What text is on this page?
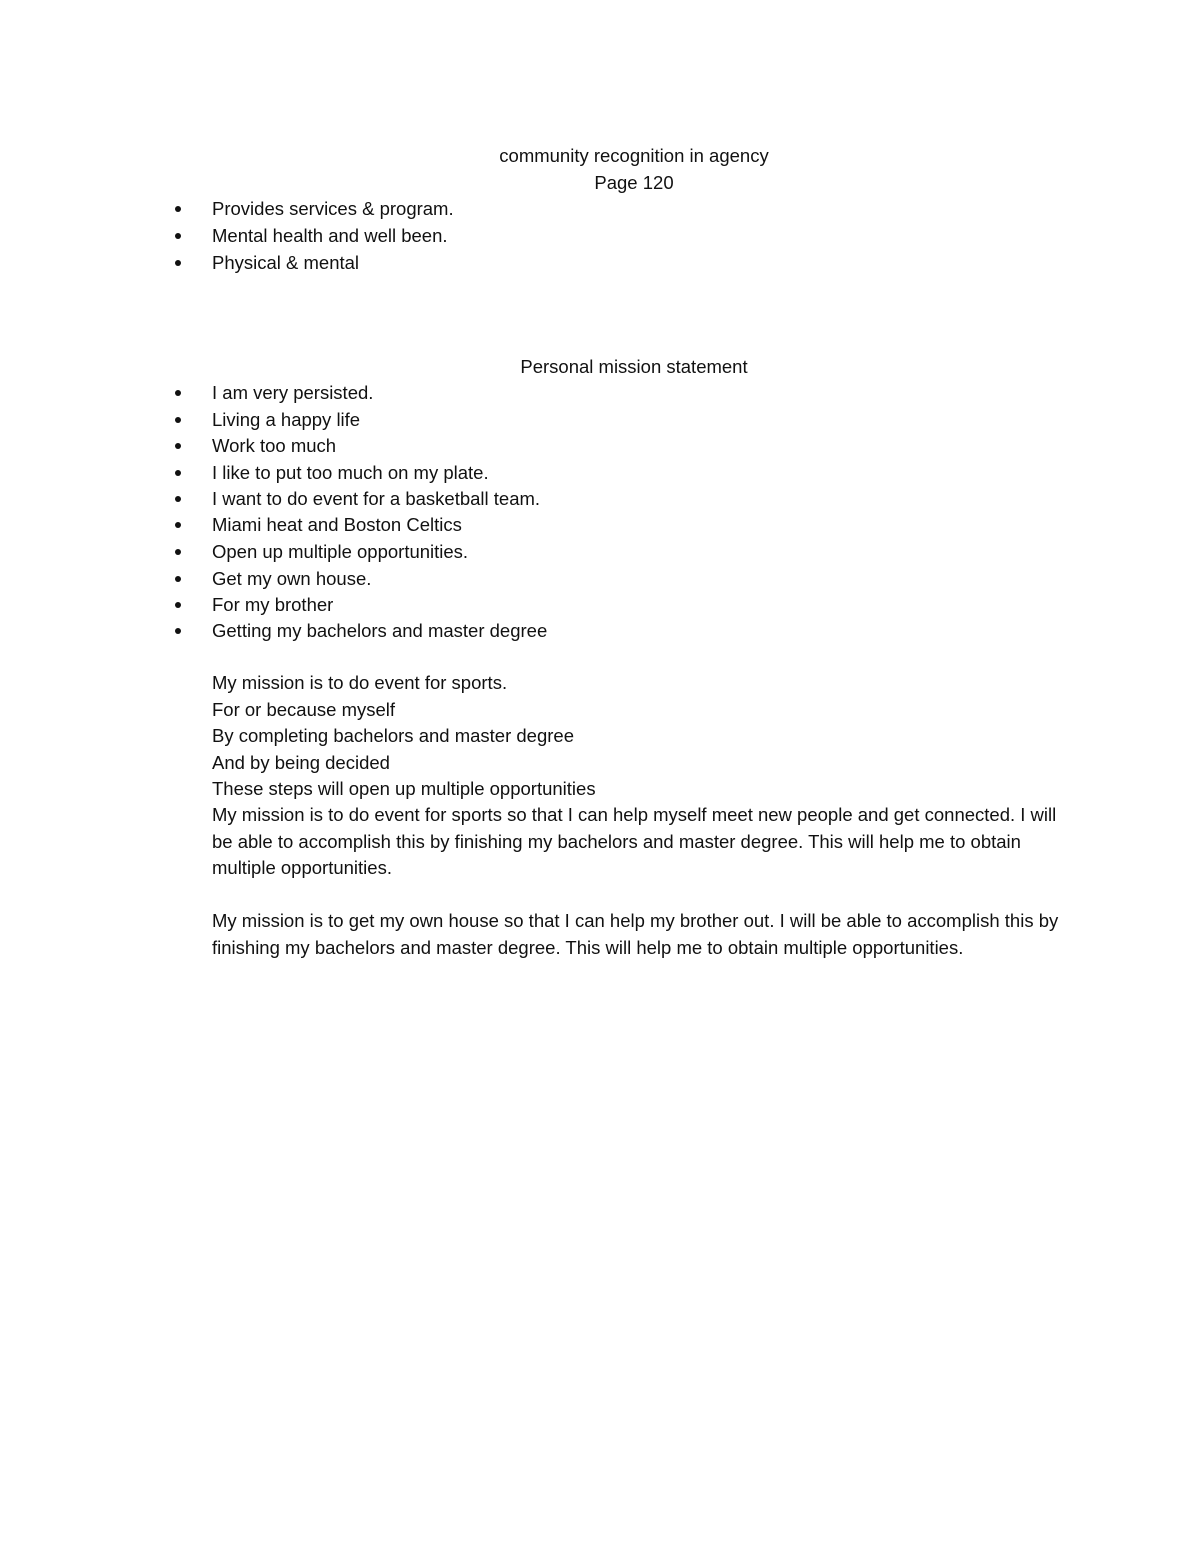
community recognition in agency
Page 120
Provides services & program.
Mental health and well been.
Physical & mental
Personal mission statement
I am very persisted.
Living a happy life
Work too much
I like to put too much on my plate.
I want to do event for a basketball team.
Miami heat and Boston Celtics
Open up multiple opportunities.
Get my own house.
For my brother
Getting my bachelors and master degree
My mission is to do event for sports.
For or because myself
By completing bachelors and master degree
And by being decided
These steps will open up multiple opportunities
My mission is to do event for sports so that I can help myself meet new people and get connected. I will be able to accomplish this by finishing my bachelors and master degree. This will help me to obtain multiple opportunities.
My mission is to get my own house so that I can help my brother out. I will be able to accomplish this by finishing my bachelors and master degree. This will help me to obtain multiple opportunities.
